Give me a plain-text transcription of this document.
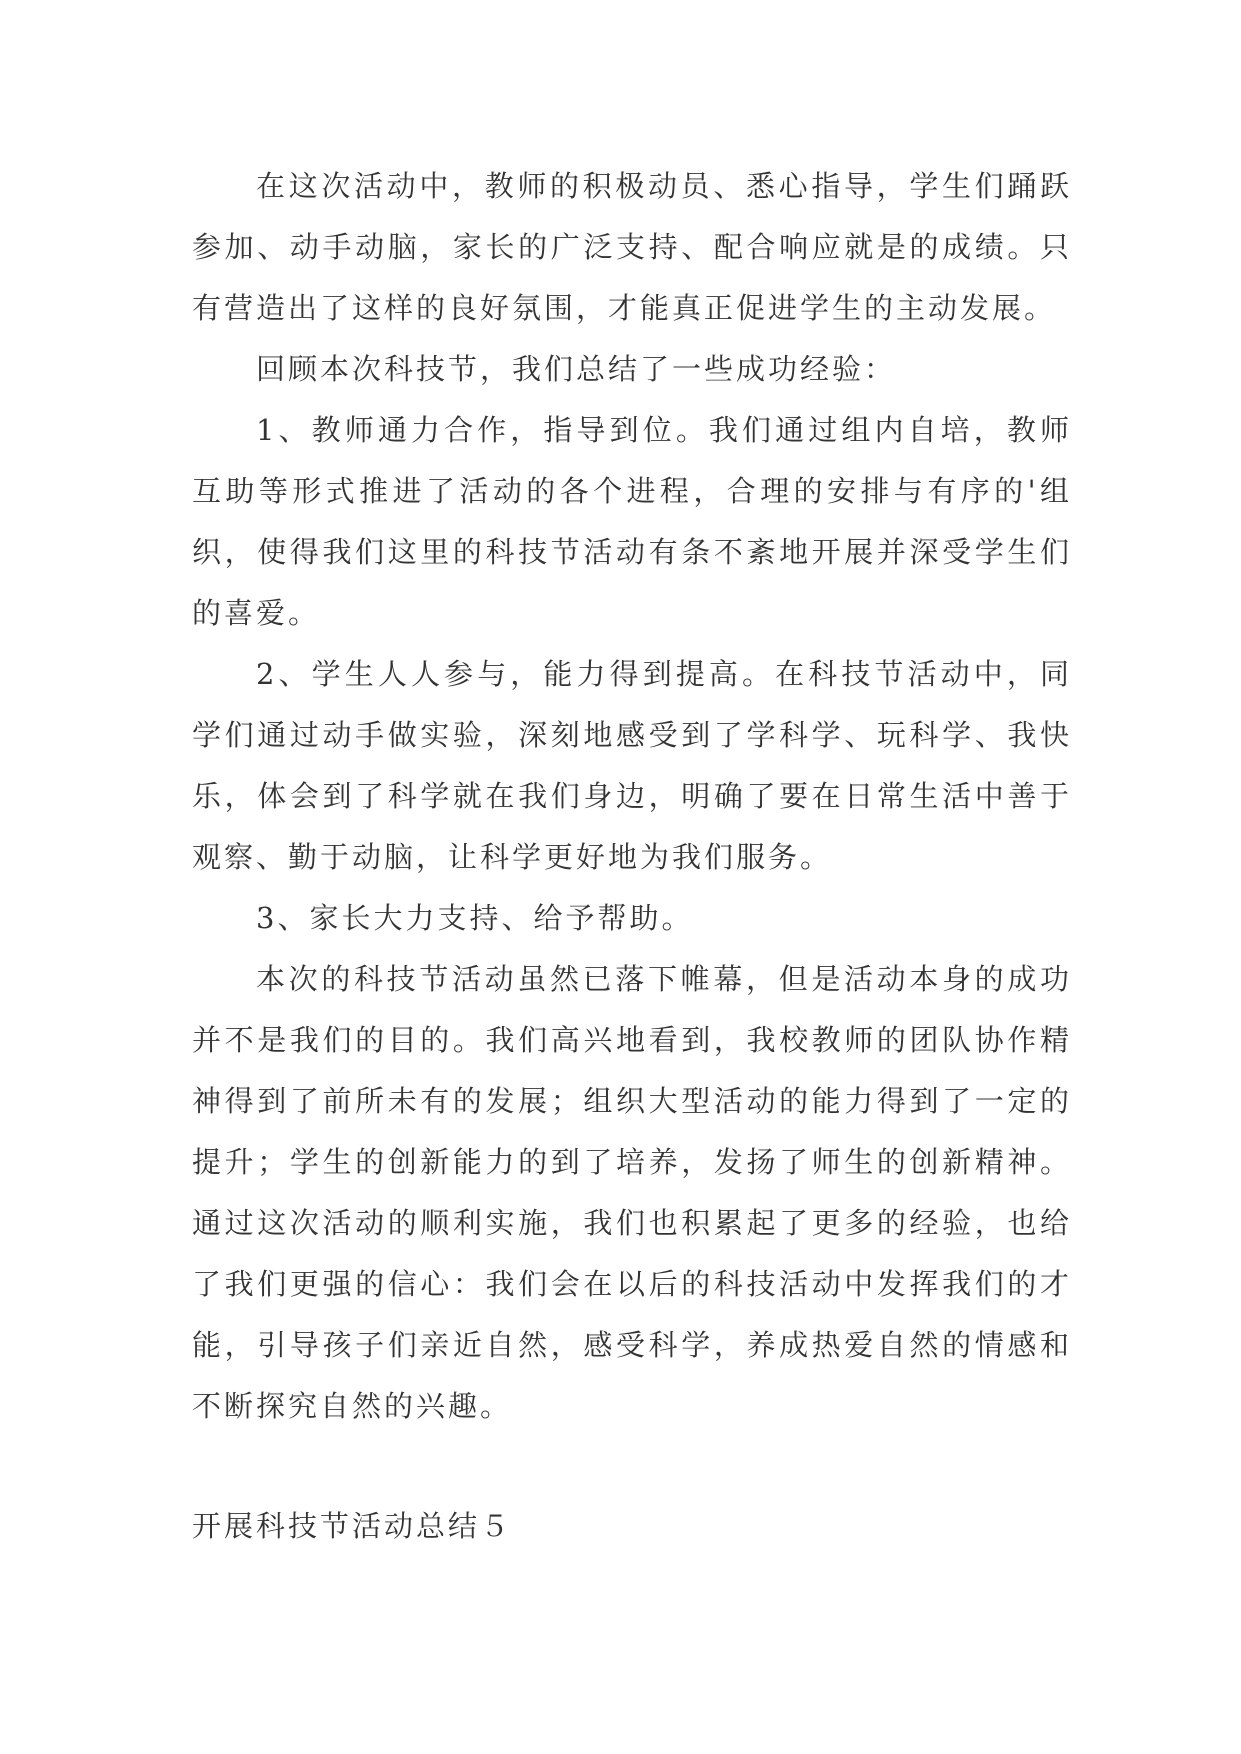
在这次活动中，教师的积极动员、悉心指导，学生们踊跃参加、动手动脑，家长的广泛支持、配合响应就是的成绩。只有营造出了这样的良好氛围，才能真正促进学生的主动发展。

回顾本次科技节，我们总结了一些成功经验：

1、教师通力合作，指导到位。我们通过组内自培，教师互助等形式推进了活动的各个进程，合理的安排与有序的'组织，使得我们这里的科技节活动有条不紊地开展并深受学生们的喜爱。

2、学生人人参与，能力得到提高。在科技节活动中，同学们通过动手做实验，深刻地感受到了学科学、玩科学、我快乐，体会到了科学就在我们身边，明确了要在日常生活中善于观察、勤于动脑，让科学更好地为我们服务。

3、家长大力支持、给予帮助。

本次的科技节活动虽然已落下帷幕，但是活动本身的成功并不是我们的目的。我们高兴地看到，我校教师的团队协作精神得到了前所未有的发展；组织大型活动的能力得到了一定的提升；学生的创新能力的到了培养，发扬了师生的创新精神。通过这次活动的顺利实施，我们也积累起了更多的经验，也给了我们更强的信心：我们会在以后的科技活动中发挥我们的才能，引导孩子们亲近自然，感受科学，养成热爱自然的情感和不断探究自然的兴趣。

开展科技节活动总结５
